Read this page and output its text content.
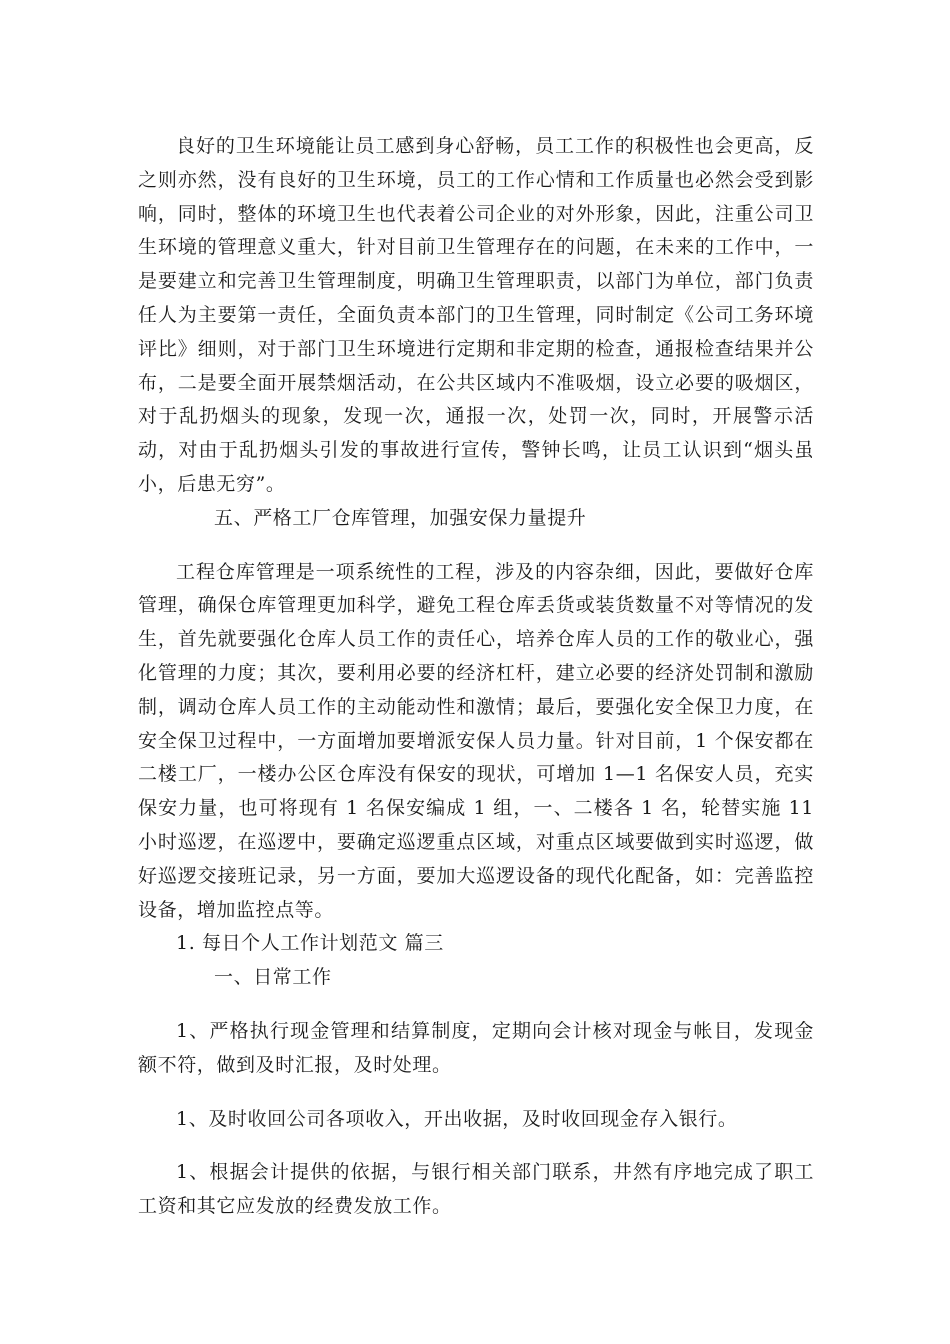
良好的卫生环境能让员工感到身心舒畅，员工工作的积极性也会更高，反之则亦然，没有良好的卫生环境，员工的工作心情和工作质量也必然会受到影响，同时，整体的环境卫生也代表着公司企业的对外形象，因此，注重公司卫生环境的管理意义重大，针对目前卫生管理存在的问题，在未来的工作中，一是要建立和完善卫生管理制度，明确卫生管理职责，以部门为单位，部门负责任人为主要第一责任，全面负责本部门的卫生管理，同时制定《公司工务环境评比》细则，对于部门卫生环境进行定期和非定期的检查，通报检查结果并公布，二是要全面开展禁烟活动，在公共区域内不准吸烟，设立必要的吸烟区，对于乱扔烟头的现象，发现一次，通报一次，处罚一次，同时，开展警示活动，对由于乱扔烟头引发的事故进行宣传，警钟长鸣，让员工认识到“烟头虽小，后患无穷”。

五、严格工厂仓库管理，加强安保力量提升

工程仓库管理是一项系统性的工程，涉及的内容杂细，因此，要做好仓库管理，确保仓库管理更加科学，避免工程仓库丢货或装货数量不对等情况的发生，首先就要强化仓库人员工作的责任心，培养仓库人员的工作的敬业心，强化管理的力度；其次，要利用必要的经济杠杆，建立必要的经济处罚制和激励制，调动仓库人员工作的主动能动性和激情；最后，要强化安全保卫力度，在安全保卫过程中，一方面增加要增派安保人员力量。针对目前，1 个保安都在二楼工厂，一楼办公区仓库没有保安的现状，可增加 1—1 名保安人员，充实保安力量，也可将现有 1 名保安编成 1 组，一、二楼各 1 名，轮替实施 11 小时巡逻，在巡逻中，要确定巡逻重点区域，对重点区域要做到实时巡逻，做好巡逻交接班记录，另一方面，要加大巡逻设备的现代化配备，如：完善监控设备，增加监控点等。

1. 每日个人工作计划范文 篇三

一、日常工作

1、严格执行现金管理和结算制度，定期向会计核对现金与帐目，发现金额不符，做到及时汇报，及时处理。

1、及时收回公司各项收入，开出收据，及时收回现金存入银行。

1、根据会计提供的依据，与银行相关部门联系，井然有序地完成了职工工资和其它应发放的经费发放工作。
